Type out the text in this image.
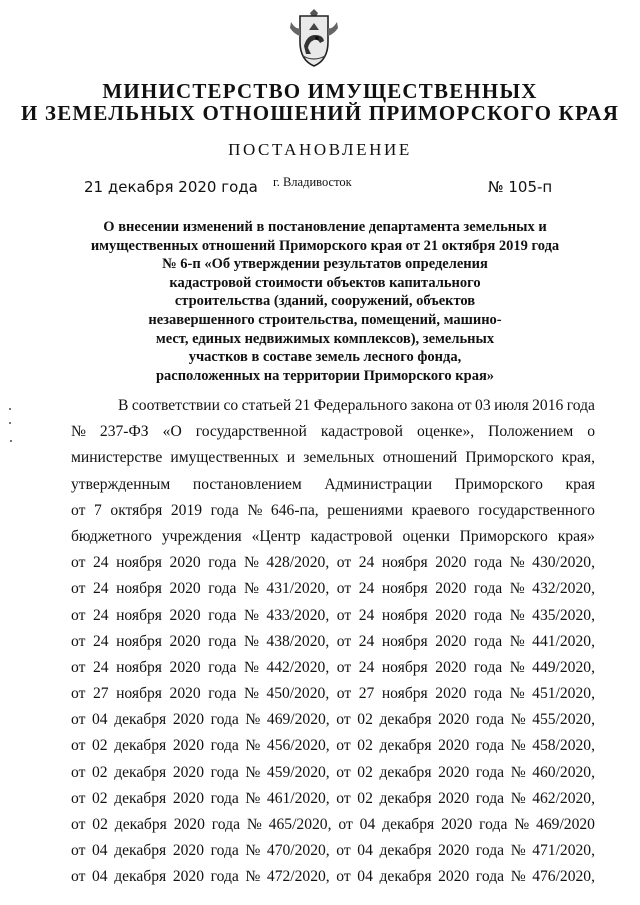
МИНИСТЕРСТВО ИМУЩЕСТВЕННЫХ
И ЗЕМЕЛЬНЫХ ОТНОШЕНИЙ ПРИМОРСКОГО КРАЯ
ПОСТАНОВЛЕНИЕ
21 декабря 2020 года г. Владивосток	№ 105-п
О внесении изменений в постановление департамента земельных и
имущественных отношений Приморского края от 21 октября 2019 года
№ 6-п «Об утверждении результатов определения
кадастровой стоимости объектов капитального
строительства (зданий, сооружений, объектов
незавершенного строительства, помещений, машино-
мест, единых недвижимых комплексов), земельных
участков в составе земель лесного фонда,
расположенных на территории Приморского края»
В соответствии со статьей 21 Федерального закона от 03 июля 2016 года
№ 237-ФЗ «О государственной кадастровой оценке», Положением о
министерстве имущественных и земельных отношений Приморского края,
утвержденным постановлением Администрации Приморского края
от 7 октября 2019 года № 646-па, решениями краевого государственного
бюджетного учреждения «Центр кадастровой оценки Приморского края»
от 24 ноября 2020 года № 428/2020, от 24 ноября 2020 года № 430/2020,
от 24 ноября 2020 года № 431/2020, от 24 ноября 2020 года № 432/2020,
от 24 ноября 2020 года № 433/2020, от 24 ноября 2020 года № 435/2020,
от 24 ноября 2020 года № 438/2020, от 24 ноября 2020 года № 441/2020,
от 24 ноября 2020 года № 442/2020, от 24 ноября 2020 года № 449/2020,
от 27 ноября 2020 года № 450/2020, от 27 ноября 2020 года № 451/2020,
от 04 декабря 2020 года № 469/2020, от 02 декабря 2020 года № 455/2020,
от 02 декабря 2020 года № 456/2020, от 02 декабря 2020 года № 458/2020,
от 02 декабря 2020 года № 459/2020, от 02 декабря 2020 года № 460/2020,
от 02 декабря 2020 года № 461/2020, от 02 декабря 2020 года № 462/2020,
от 02 декабря 2020 года № 465/2020, от 04 декабря 2020 года № 469/2020
от 04 декабря 2020 года № 470/2020, от 04 декабря 2020 года № 471/2020,
от 04 декабря 2020 года № 472/2020, от 04 декабря 2020 года № 476/2020,
